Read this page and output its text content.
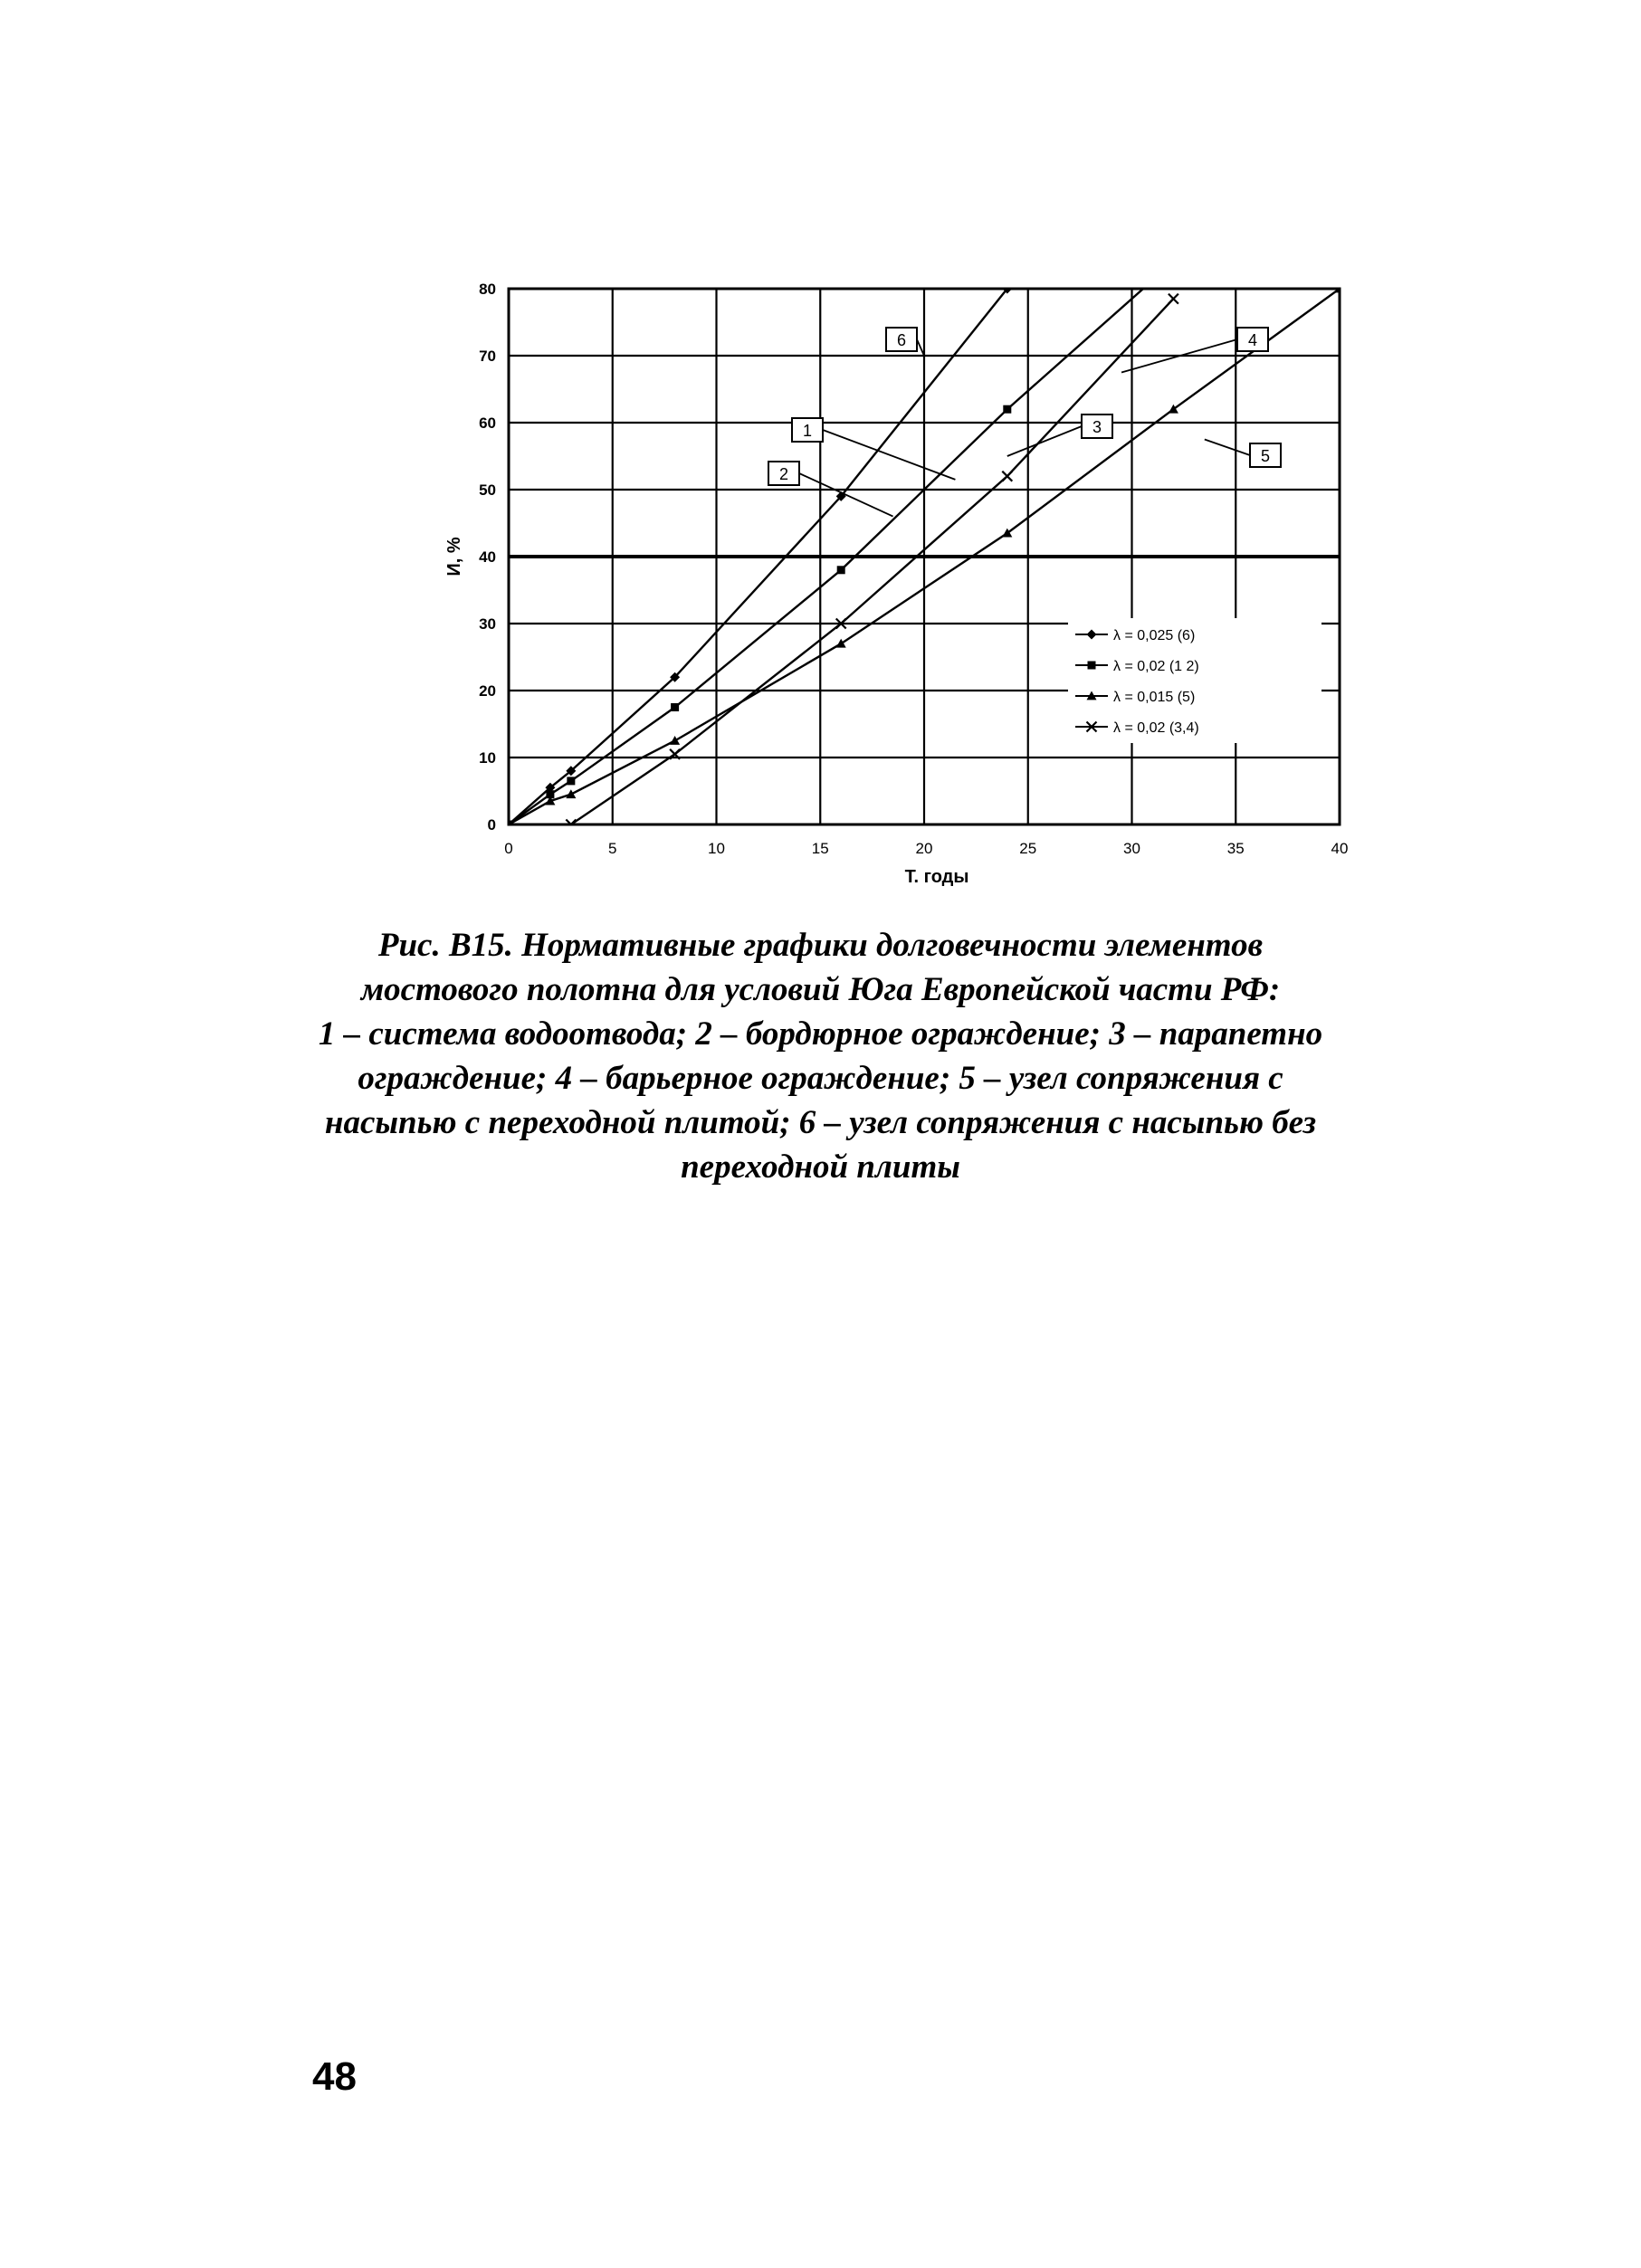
0	5	10	15	20	25	30	35	40
0
10
20
30
40
50
60
70
80
6
1
2
3
4
5
λ = 0,025 (6)
λ = 0,02 (1 2)
λ = 0,015 (5)
λ = 0,02 (3,4)
Т. годы
И, %
Рис. В15. Нормативные графики долговечности элементов
мостового полотна для условий Юга Европейской части РФ:
1 – система водоотвода; 2 – бордюрное ограждение; 3 – парапетно
ограждение; 4 – барьерное ограждение; 5 – узел сопряжения с
насыпью с переходной плитой; 6 – узел сопряжения с насыпью без
переходной плиты
48
